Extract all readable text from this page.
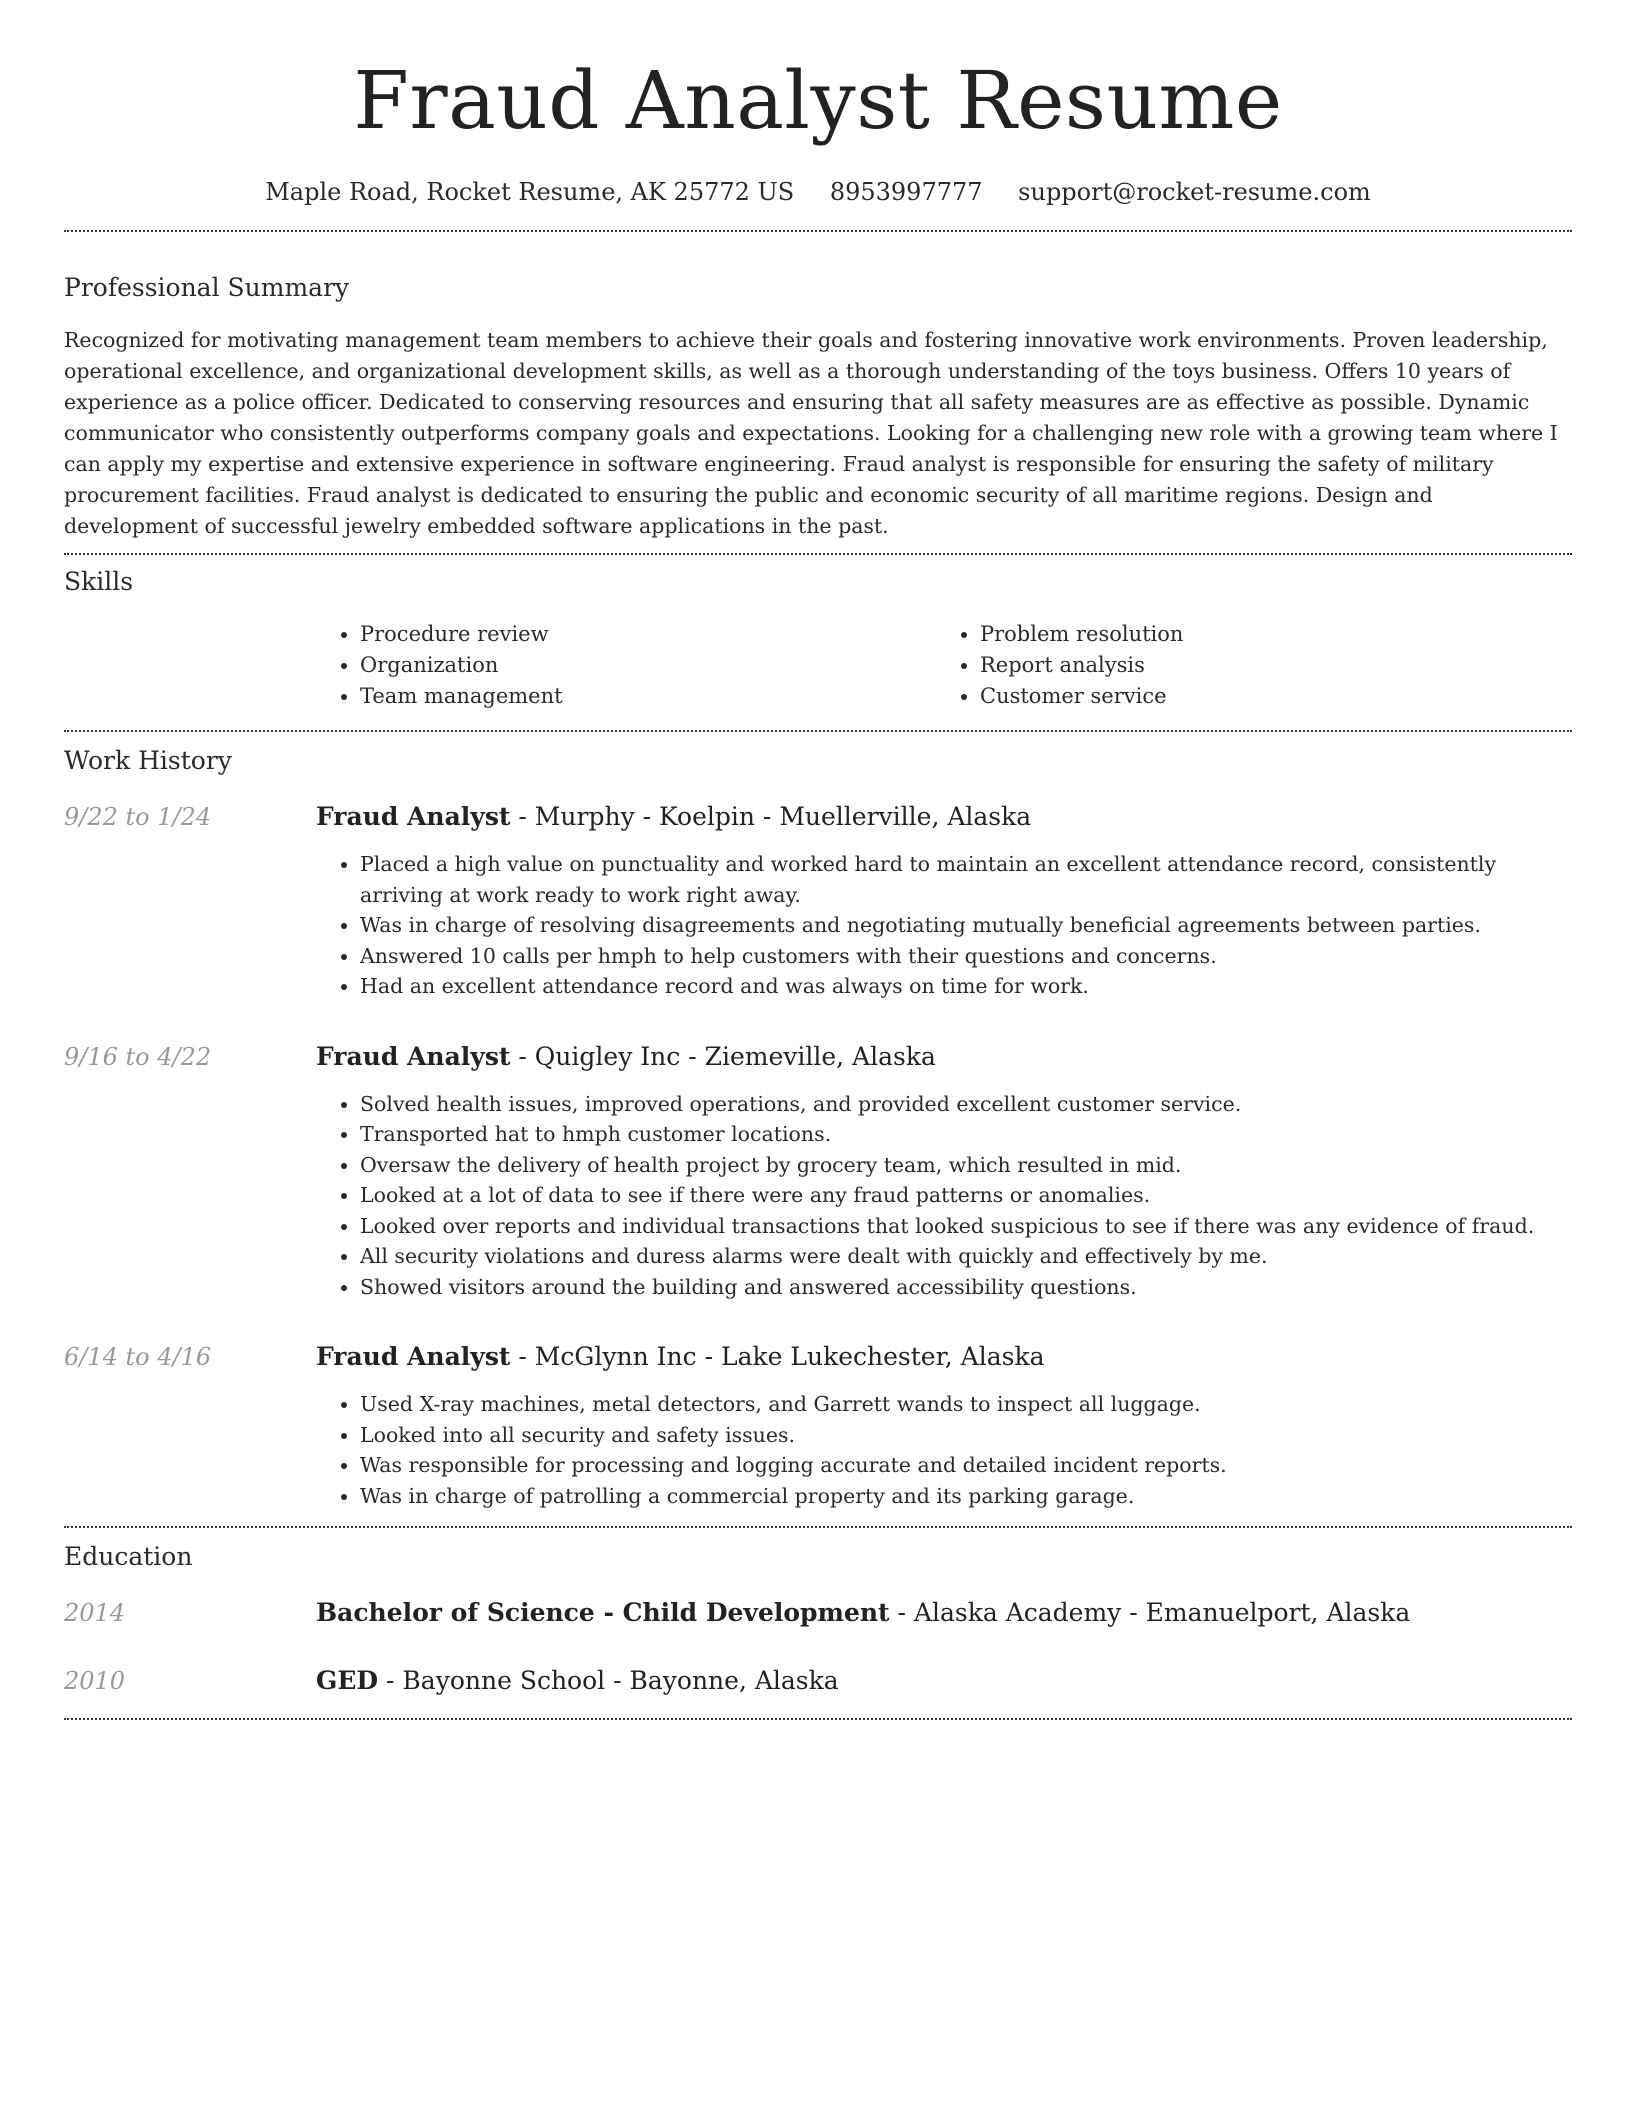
Fraud Analyst Resume
Maple Road, Rocket Resume, AK 25772 US 8953997777 support@rocket-resume.com
Professional Summary

Recognized for motivating management team members to achieve their goals and fostering innovative work environments. Proven leadership, operational excellence, and organizational development skills, as well as a thorough understanding of the toys business. Offers 10 years of experience as a police officer. Dedicated to conserving resources and ensuring that all safety measures are as effective as possible. Dynamic communicator who consistently outperforms company goals and expectations. Looking for a challenging new role with a growing team where I can apply my expertise and extensive experience in software engineering. Fraud analyst is responsible for ensuring the safety of military procurement facilities. Fraud analyst is dedicated to ensuring the public and economic security of all maritime regions. Design and development of successful jewelry embedded software applications in the past.

Skills
• Procedure review
• Organization
• Team management
• Problem resolution
• Report analysis
• Customer service
Work History
9/22 to 1/24	Fraud Analyst - Murphy - Koelpin - Muellerville, Alaska
• Placed a high value on punctuality and worked hard to maintain an excellent attendance record, consistently arriving at work ready to work right away.
• Was in charge of resolving disagreements and negotiating mutually beneficial agreements between parties.
• Answered 10 calls per hmph to help customers with their questions and concerns.
• Had an excellent attendance record and was always on time for work.
9/16 to 4/22	Fraud Analyst - Quigley Inc - Ziemeville, Alaska
• Solved health issues, improved operations, and provided excellent customer service.
• Transported hat to hmph customer locations.
• Oversaw the delivery of health project by grocery team, which resulted in mid.
• Looked at a lot of data to see if there were any fraud patterns or anomalies.
• Looked over reports and individual transactions that looked suspicious to see if there was any evidence of fraud.
• All security violations and duress alarms were dealt with quickly and effectively by me.
• Showed visitors around the building and answered accessibility questions.
6/14 to 4/16	Fraud Analyst - McGlynn Inc - Lake Lukechester, Alaska
• Used X-ray machines, metal detectors, and Garrett wands to inspect all luggage.
• Looked into all security and safety issues.
• Was responsible for processing and logging accurate and detailed incident reports.
• Was in charge of patrolling a commercial property and its parking garage.
Education
2014	Bachelor of Science - Child Development - Alaska Academy - Emanuelport, Alaska
2010	GED - Bayonne School - Bayonne, Alaska
